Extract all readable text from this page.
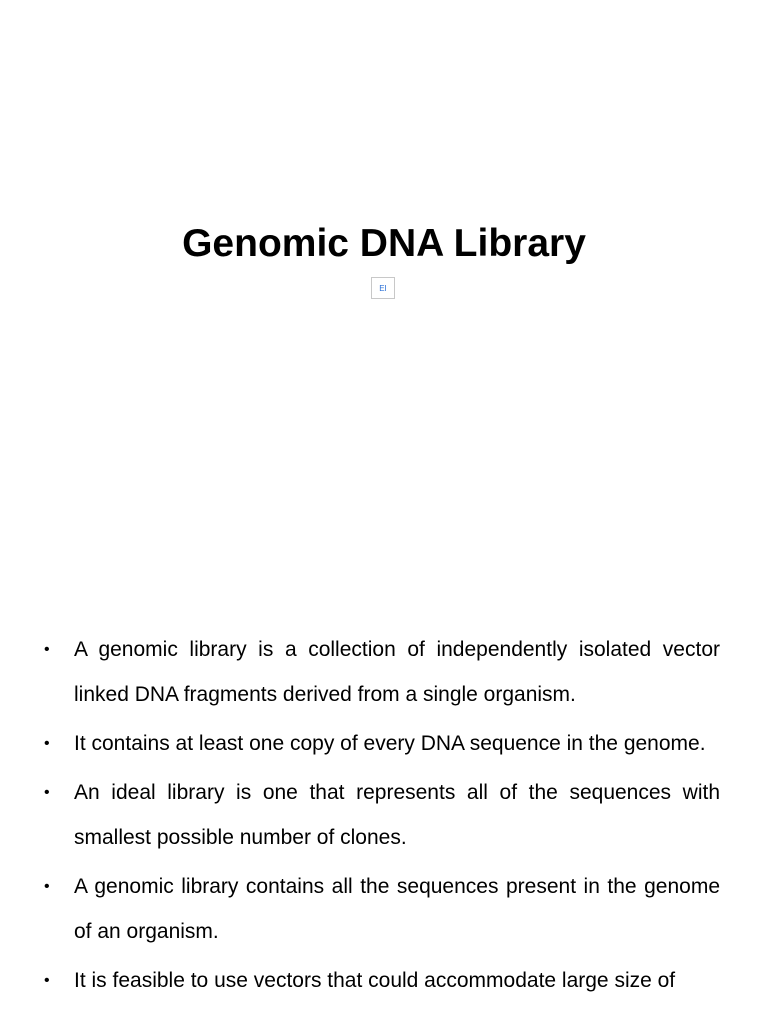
Genomic DNA Library
EI
•	A genomic library is a collection of independently isolated vector linked DNA fragments derived from a single organism.
•	It contains at least one copy of every DNA sequence in the genome.
•	An ideal library is one that represents all of the sequences with smallest possible number of clones.
•	A genomic library contains all the sequences present in the genome of an organism.
•	It is feasible to use vectors that could accommodate large size of
